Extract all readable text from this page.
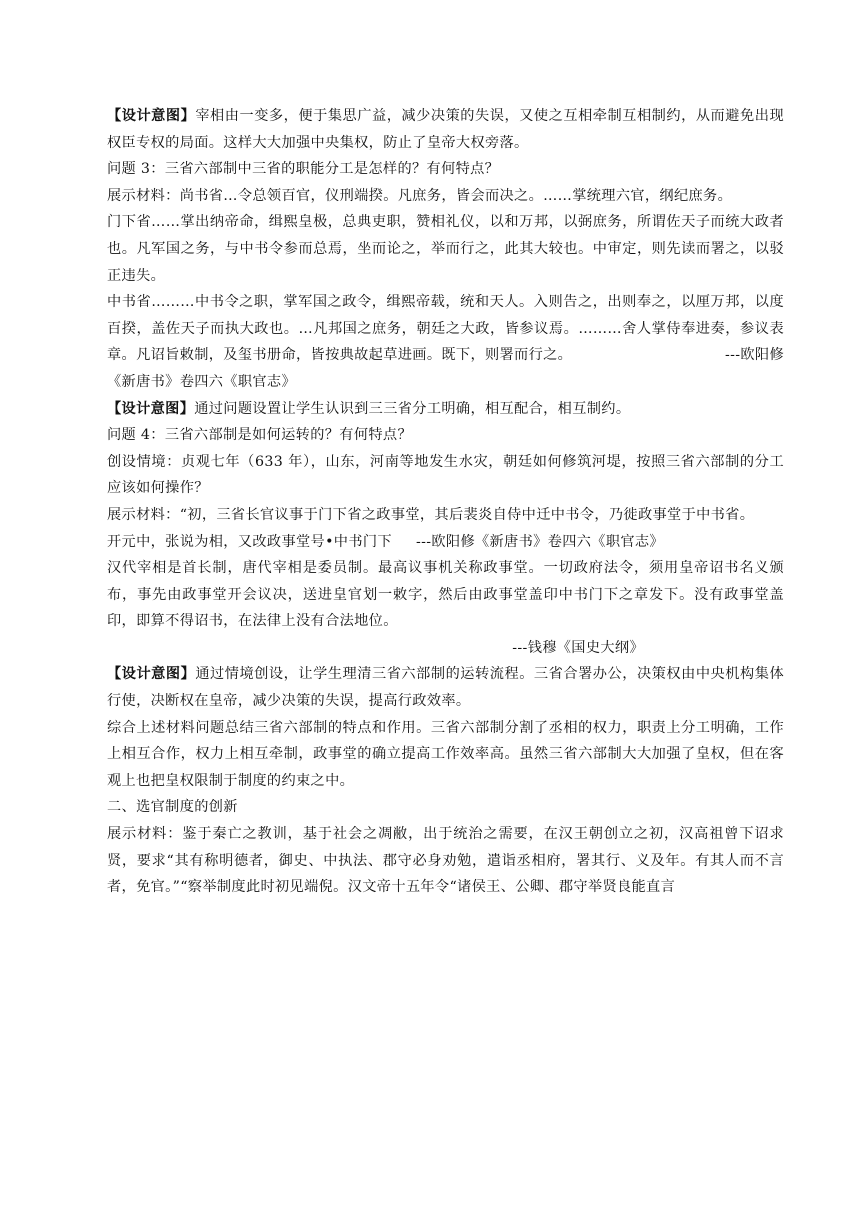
【设计意图】宰相由一变多，便于集思广益，减少决策的失误，又使之互相牵制互相制约，从而避免出现权臣专权的局面。这样大大加强中央集权，防止了皇帝大权旁落。

问题 3：三省六部制中三省的职能分工是怎样的？有何特点？

展示材料：尚书省…令总领百官，仪刑端揆。凡庶务，皆会而决之。……掌统理六官，纲纪庶务。

门下省……掌出纳帝命，缉熙皇极，总典吏职，赞相礼仪，以和万邦，以弼庶务，所谓佐天子而统大政者也。凡军国之务，与中书令参而总焉，坐而论之，举而行之，此其大较也。中审定，则先读而署之，以驳正违失。

中书省………中书令之职，掌军国之政令，缉熙帝载，统和天人。入则告之，出则奉之，以厘万邦，以度百揆，盖佐天子而执大政也。…凡邦国之庶务，朝廷之大政，皆参议焉。………舍人掌侍奉进奏，参议表章。凡诏旨敕制，及玺书册命，皆按典故起草进画。既下，则署而行之。	---欧阳修

《新唐书》卷四六《职官志》

【设计意图】通过问题设置让学生认识到三三省分工明确，相互配合，相互制约。

问题 4：三省六部制是如何运转的？有何特点？

创设情境：贞观七年（633 年），山东，河南等地发生水灾，朝廷如何修筑河堤，按照三省六部制的分工应该如何操作？

展示材料：“初，三省长官议事于门下省之政事堂，其后裴炎自侍中迁中书令，乃徙政事堂于中书省。

开元中，张说为相，又改政事堂号•中书门下 ---欧阳修《新唐书》卷四六《职官志》

汉代宰相是首长制，唐代宰相是委员制。最高议事机关称政事堂。一切政府法令，须用皇帝诏书名义颁布，事先由政事堂开会议决，送进皇官划一敕字，然后由政事堂盖印中书门下之章发下。没有政事堂盖印，即算不得诏书，在法律上没有合法地位。

---钱穆《国史大纲》

【设计意图】通过情境创设，让学生理清三省六部制的运转流程。三省合署办公，决策权由中央机构集体行使，决断权在皇帝，减少决策的失误，提高行政效率。

综合上述材料问题总结三省六部制的特点和作用。三省六部制分割了丞相的权力，职责上分工明确，工作上相互合作，权力上相互牵制，政事堂的确立提高工作效率高。虽然三省六部制大大加强了皇权，但在客观上也把皇权限制于制度的约束之中。

二、选官制度的创新

展示材料：鉴于秦亡之教训，基于社会之凋敝，出于统治之需要，在汉王朝创立之初，汉高祖曾下诏求贤，要求“其有称明德者，御史、中执法、郡守必身劝勉，遣诣丞相府，署其行、义及年。有其人而不言者，免官。”“察举制度此时初见端倪。汉文帝十五年令“诸侯王、公卿、郡守举贤良能直言
